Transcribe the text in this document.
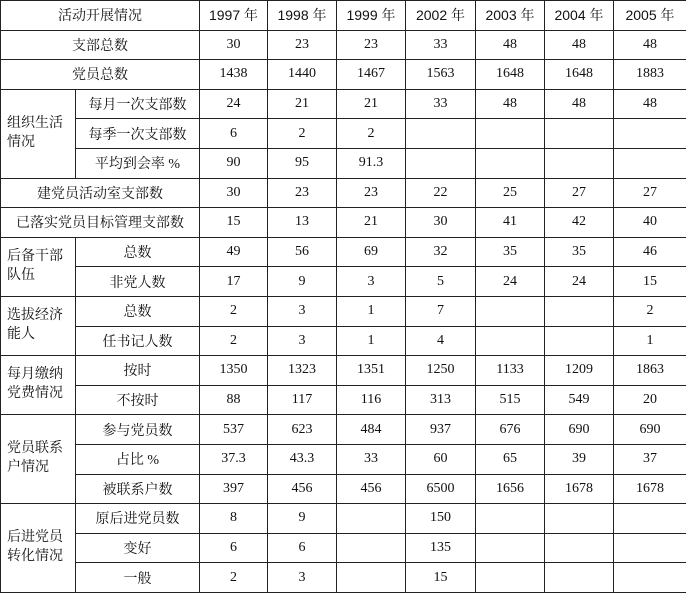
活动开展情况		1997 年	1998 年	1999 年	2002 年	2003 年	2004 年	2005 年
支部总数		30	23	23	33	48	48	48
党员总数		1438	1440	1467	1563	1648	1648	1883
组织生活情况	每月一次支部数	24	21	21	33	48	48	48
	每季一次支部数	6	2	2				
	平均到会率 %	90	95	91.3				
建党员活动室支部数		30	23	23	22	25	27	27
已落实党员目标管理支部数		15	13	21	30	41	42	40
后备干部队伍	总数	49	56	69	32	35	35	46
	非党人数	17	9	3	5	24	24	15
选拔经济能人	总数	2	3	1	7			2
	任书记人数	2	3	1	4			1
每月缴纳党费情况	按时	1350	1323	1351	1250	1133	1209	1863
	不按时	88	117	116	313	515	549	20
党员联系户情况	参与党员数	537	623	484	937	676	690	690
	占比 %	37.3	43.3	33	60	65	39	37
	被联系户数	397	456	456	6500	1656	1678	1678
后进党员转化情况	原后进党员数	8	9		150			
	变好	6	6		135			
	一般	2	3		15			
